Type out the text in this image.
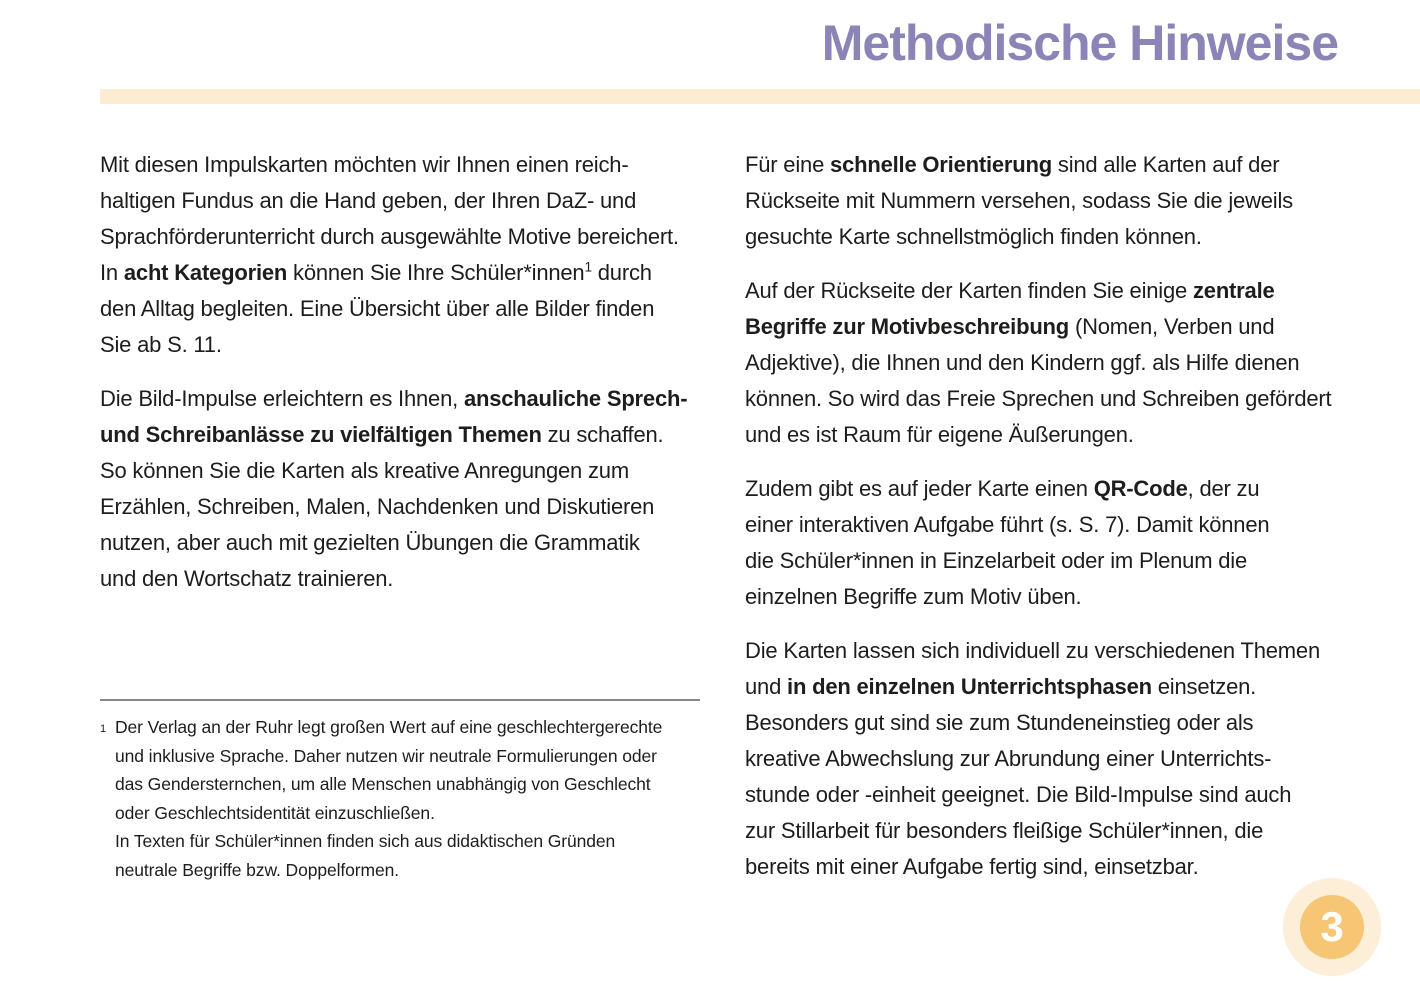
Methodische Hinweise

Mit diesen Impulskarten möchten wir Ihnen einen reich-
haltigen Fundus an die Hand geben, der Ihren DaZ- und
Sprachförderunterricht durch ausgewählte Motive bereichert.
In acht Kategorien können Sie Ihre Schüler*innen$^1$ durch
den Alltag begleiten. Eine Übersicht über alle Bilder finden
Sie ab S. 11.

Die Bild-Impulse erleichtern es Ihnen, anschauliche Sprech-
und Schreibanlässe zu vielfältigen Themen zu schaffen.
So können Sie die Karten als kreative Anregungen zum
Erzählen, Schreiben, Malen, Nachdenken und Diskutieren
nutzen, aber auch mit gezielten Übungen die Grammatik
und den Wortschatz trainieren.

Für eine schnelle Orientierung sind alle Karten auf der
Rückseite mit Nummern versehen, sodass Sie die jeweils
gesuchte Karte schnellstmöglich finden können.

Auf der Rückseite der Karten finden Sie einige zentrale
Begriffe zur Motivbeschreibung (Nomen, Verben und
Adjektive), die Ihnen und den Kindern ggf. als Hilfe dienen
können. So wird das Freie Sprechen und Schreiben gefördert
und es ist Raum für eigene Äußerungen.

Zudem gibt es auf jeder Karte einen QR-Code, der zu
einer interaktiven Aufgabe führt (s. S. 7). Damit können
die Schüler*innen in Einzelarbeit oder im Plenum die
einzelnen Begriffe zum Motiv üben.

Die Karten lassen sich individuell zu verschiedenen Themen
und in den einzelnen Unterrichtsphasen einsetzen.
Besonders gut sind sie zum Stundeneinstieg oder als
kreative Abwechslung zur Abrundung einer Unterrichts-
stunde oder -einheit geeignet. Die Bild-Impulse sind auch
zur Stillarbeit für besonders fleißige Schüler*innen, die
bereits mit einer Aufgabe fertig sind, einsetzbar.

1 Der Verlag an der Ruhr legt großen Wert auf eine geschlechtergerechte
und inklusive Sprache. Daher nutzen wir neutrale Formulierungen oder
das Gendersternchen, um alle Menschen unabhängig von Geschlecht
oder Geschlechtsidentität einzuschließen.
In Texten für Schüler*innen finden sich aus didaktischen Gründen
neutrale Begriffe bzw. Doppelformen.
3
